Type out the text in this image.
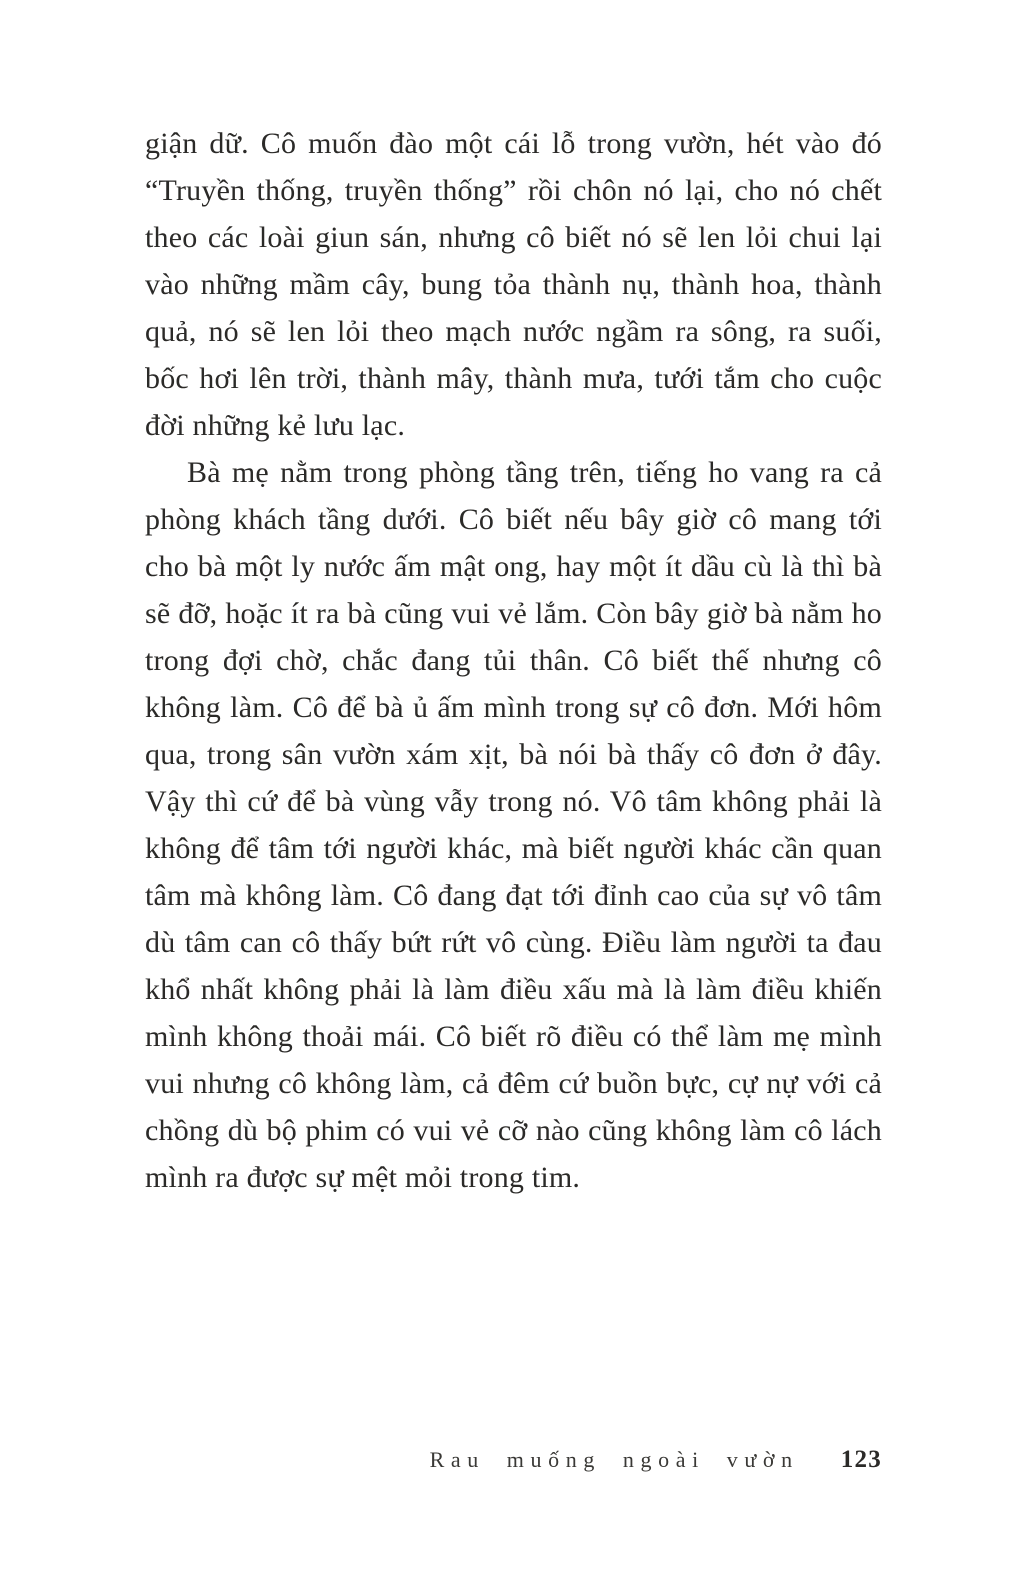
giận dữ. Cô muốn đào một cái lỗ trong vườn, hét vào đó “Truyền thống, truyền thống” rồi chôn nó lại, cho nó chết theo các loài giun sán, nhưng cô biết nó sẽ len lỏi chui lại vào những mầm cây, bung tỏa thành nụ, thành hoa, thành quả, nó sẽ len lỏi theo mạch nước ngầm ra sông, ra suối, bốc hơi lên trời, thành mây, thành mưa, tưới tắm cho cuộc đời những kẻ lưu lạc.

Bà mẹ nằm trong phòng tầng trên, tiếng ho vang ra cả phòng khách tầng dưới. Cô biết nếu bây giờ cô mang tới cho bà một ly nước ấm mật ong, hay một ít dầu cù là thì bà sẽ đỡ, hoặc ít ra bà cũng vui vẻ lắm. Còn bây giờ bà nằm ho trong đợi chờ, chắc đang tủi thân. Cô biết thế nhưng cô không làm. Cô để bà ủ ấm mình trong sự cô đơn. Mới hôm qua, trong sân vườn xám xịt, bà nói bà thấy cô đơn ở đây. Vậy thì cứ để bà vùng vẫy trong nó. Vô tâm không phải là không để tâm tới người khác, mà biết người khác cần quan tâm mà không làm. Cô đang đạt tới đỉnh cao của sự vô tâm dù tâm can cô thấy bứt rứt vô cùng. Điều làm người ta đau khổ nhất không phải là làm điều xấu mà là làm điều khiến mình không thoải mái. Cô biết rõ điều có thể làm mẹ mình vui nhưng cô không làm, cả đêm cứ buồn bực, cự nự với cả chồng dù bộ phim có vui vẻ cỡ nào cũng không làm cô lách mình ra được sự mệt mỏi trong tim.

Rau muống ngoài vườn 123
